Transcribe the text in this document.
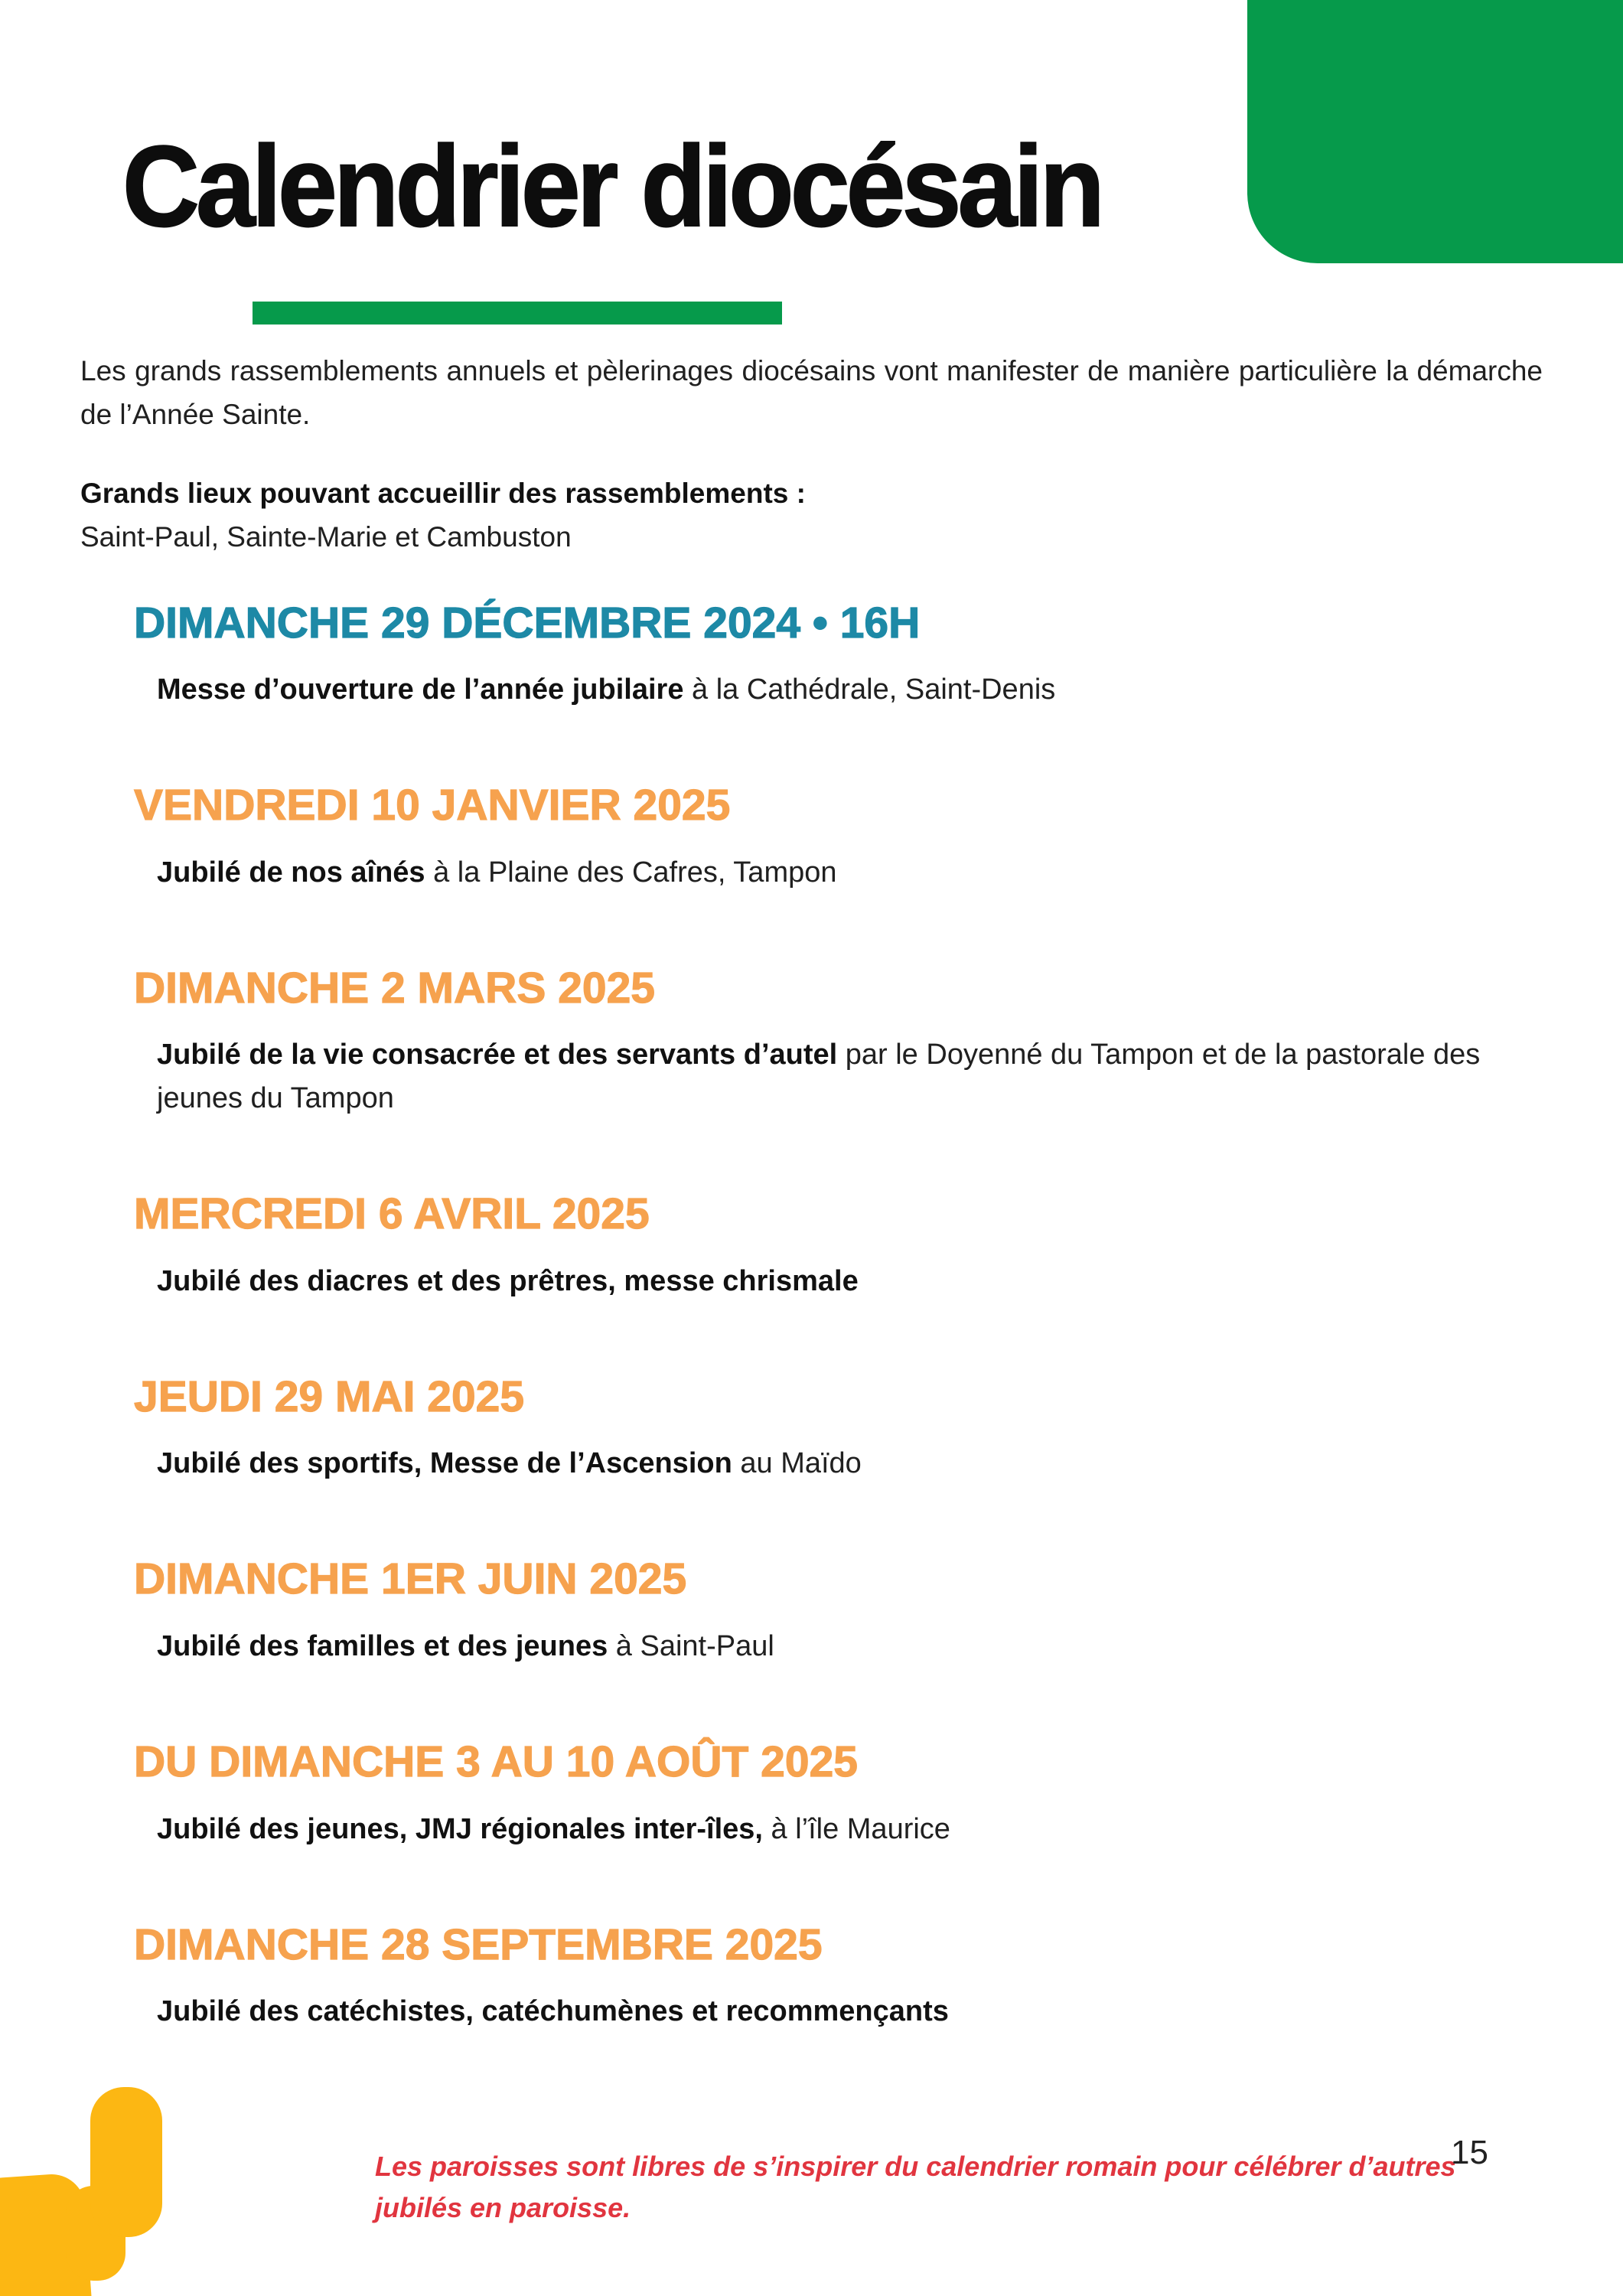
Calendrier diocésain

Les grands rassemblements annuels et pèlerinages diocésains vont manifester de manière particulière la démarche de l’Année Sainte.

Grands lieux pouvant accueillir des rassemblements :

Saint-Paul, Sainte-Marie et Cambuston

DIMANCHE 29 DÉCEMBRE 2024 • 16H

Messe d’ouverture de l’année jubilaire à la Cathédrale, Saint-Denis

VENDREDI 10 JANVIER 2025

Jubilé de nos aînés à la Plaine des Cafres, Tampon

DIMANCHE 2 MARS 2025

Jubilé de la vie consacrée et des servants d’autel par le Doyenné du Tampon et de la pastorale des jeunes du Tampon

MERCREDI 6 AVRIL 2025

Jubilé des diacres et des prêtres, messe chrismale

JEUDI 29 MAI 2025

Jubilé des sportifs, Messe de l’Ascension au Maïdo

DIMANCHE 1ER JUIN 2025

Jubilé des familles et des jeunes à Saint-Paul

DU DIMANCHE 3 AU 10 AOÛT 2025

Jubilé des jeunes, JMJ régionales inter-îles, à l’île Maurice

DIMANCHE 28 SEPTEMBRE 2025

Jubilé des catéchistes, catéchumènes et recommençants

Les paroisses sont libres de s’inspirer du calendrier romain pour célébrer d’autres jubilés en paroisse.

15
